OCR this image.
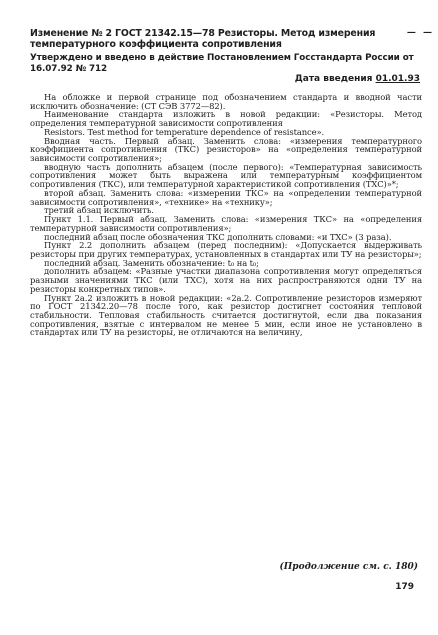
Изменение № 2 ГОСТ 21342.15—78 Резисторы. Метод измерения температурного коэффициента сопротивления

— —
Утверждено и введено в действие Постановлением Госстандарта России от 16.07.92 № 712
Дата введения 01.01.93

На обложке и первой странице под обозначением стандарта и вводной части исключить обозначение: (СТ СЭВ 3772—82).

Наименование стандарта изложить в новой редакции: «Резисторы. Метод определения температурной зависимости сопротивления

Resistors. Test method for temperature dependence of resistance».

Вводная часть. Первый абзац. Заменить слова: «измерения температурного коэффициента сопротивления (ТКС) резисторов» на «определения температурной зависимости сопротивления»;

вводную часть дополнить абзацем (после первого): «Температурная зависимость сопротивления может быть выражена или температурным коэффициентом сопротивления (ТКС), или температурной характеристикой сопротивления (ТХС)»*;

второй абзац. Заменить слова: «измерении ТКС» на «определении температурной зависимости сопротивления», «технике» на «технику»;

третий абзац исключить.

Пункт 1.1. Первый абзац. Заменить слова: «измерения ТКС» на «определения температурной зависимости сопротивления»;

последний абзац после обозначения ТКС дополнить словами: «и ТХС» (3 раза).

Пункт 2.2 дополнить абзацем (перед последним): «Допускается выдерживать резисторы при других температурах, установленных в стандартах или ТУ на резисторы»;

последний абзац. Заменить обозначение: t₀ на t₀;

дополнить абзацем: «Разные участки диапазона сопротивления могут определяться разными значениями ТКС (или ТХС), хотя на них распространяются одни ТУ на резисторы конкретных типов».

Пункт 2а.2 изложить в новой редакции: «2а.2. Сопротивление резисторов измеряют по ГОСТ 21342.20—78 после того, как резистор достигнет состояния тепловой стабильности. Тепловая стабильность считается достигнутой, если два показания сопротивления, взятые с интервалом не менее 5 мин, если иное не установлено в стандартах или ТУ на резисторы, не отличаются на величину,

(Продолжение см. с. 180)
179
